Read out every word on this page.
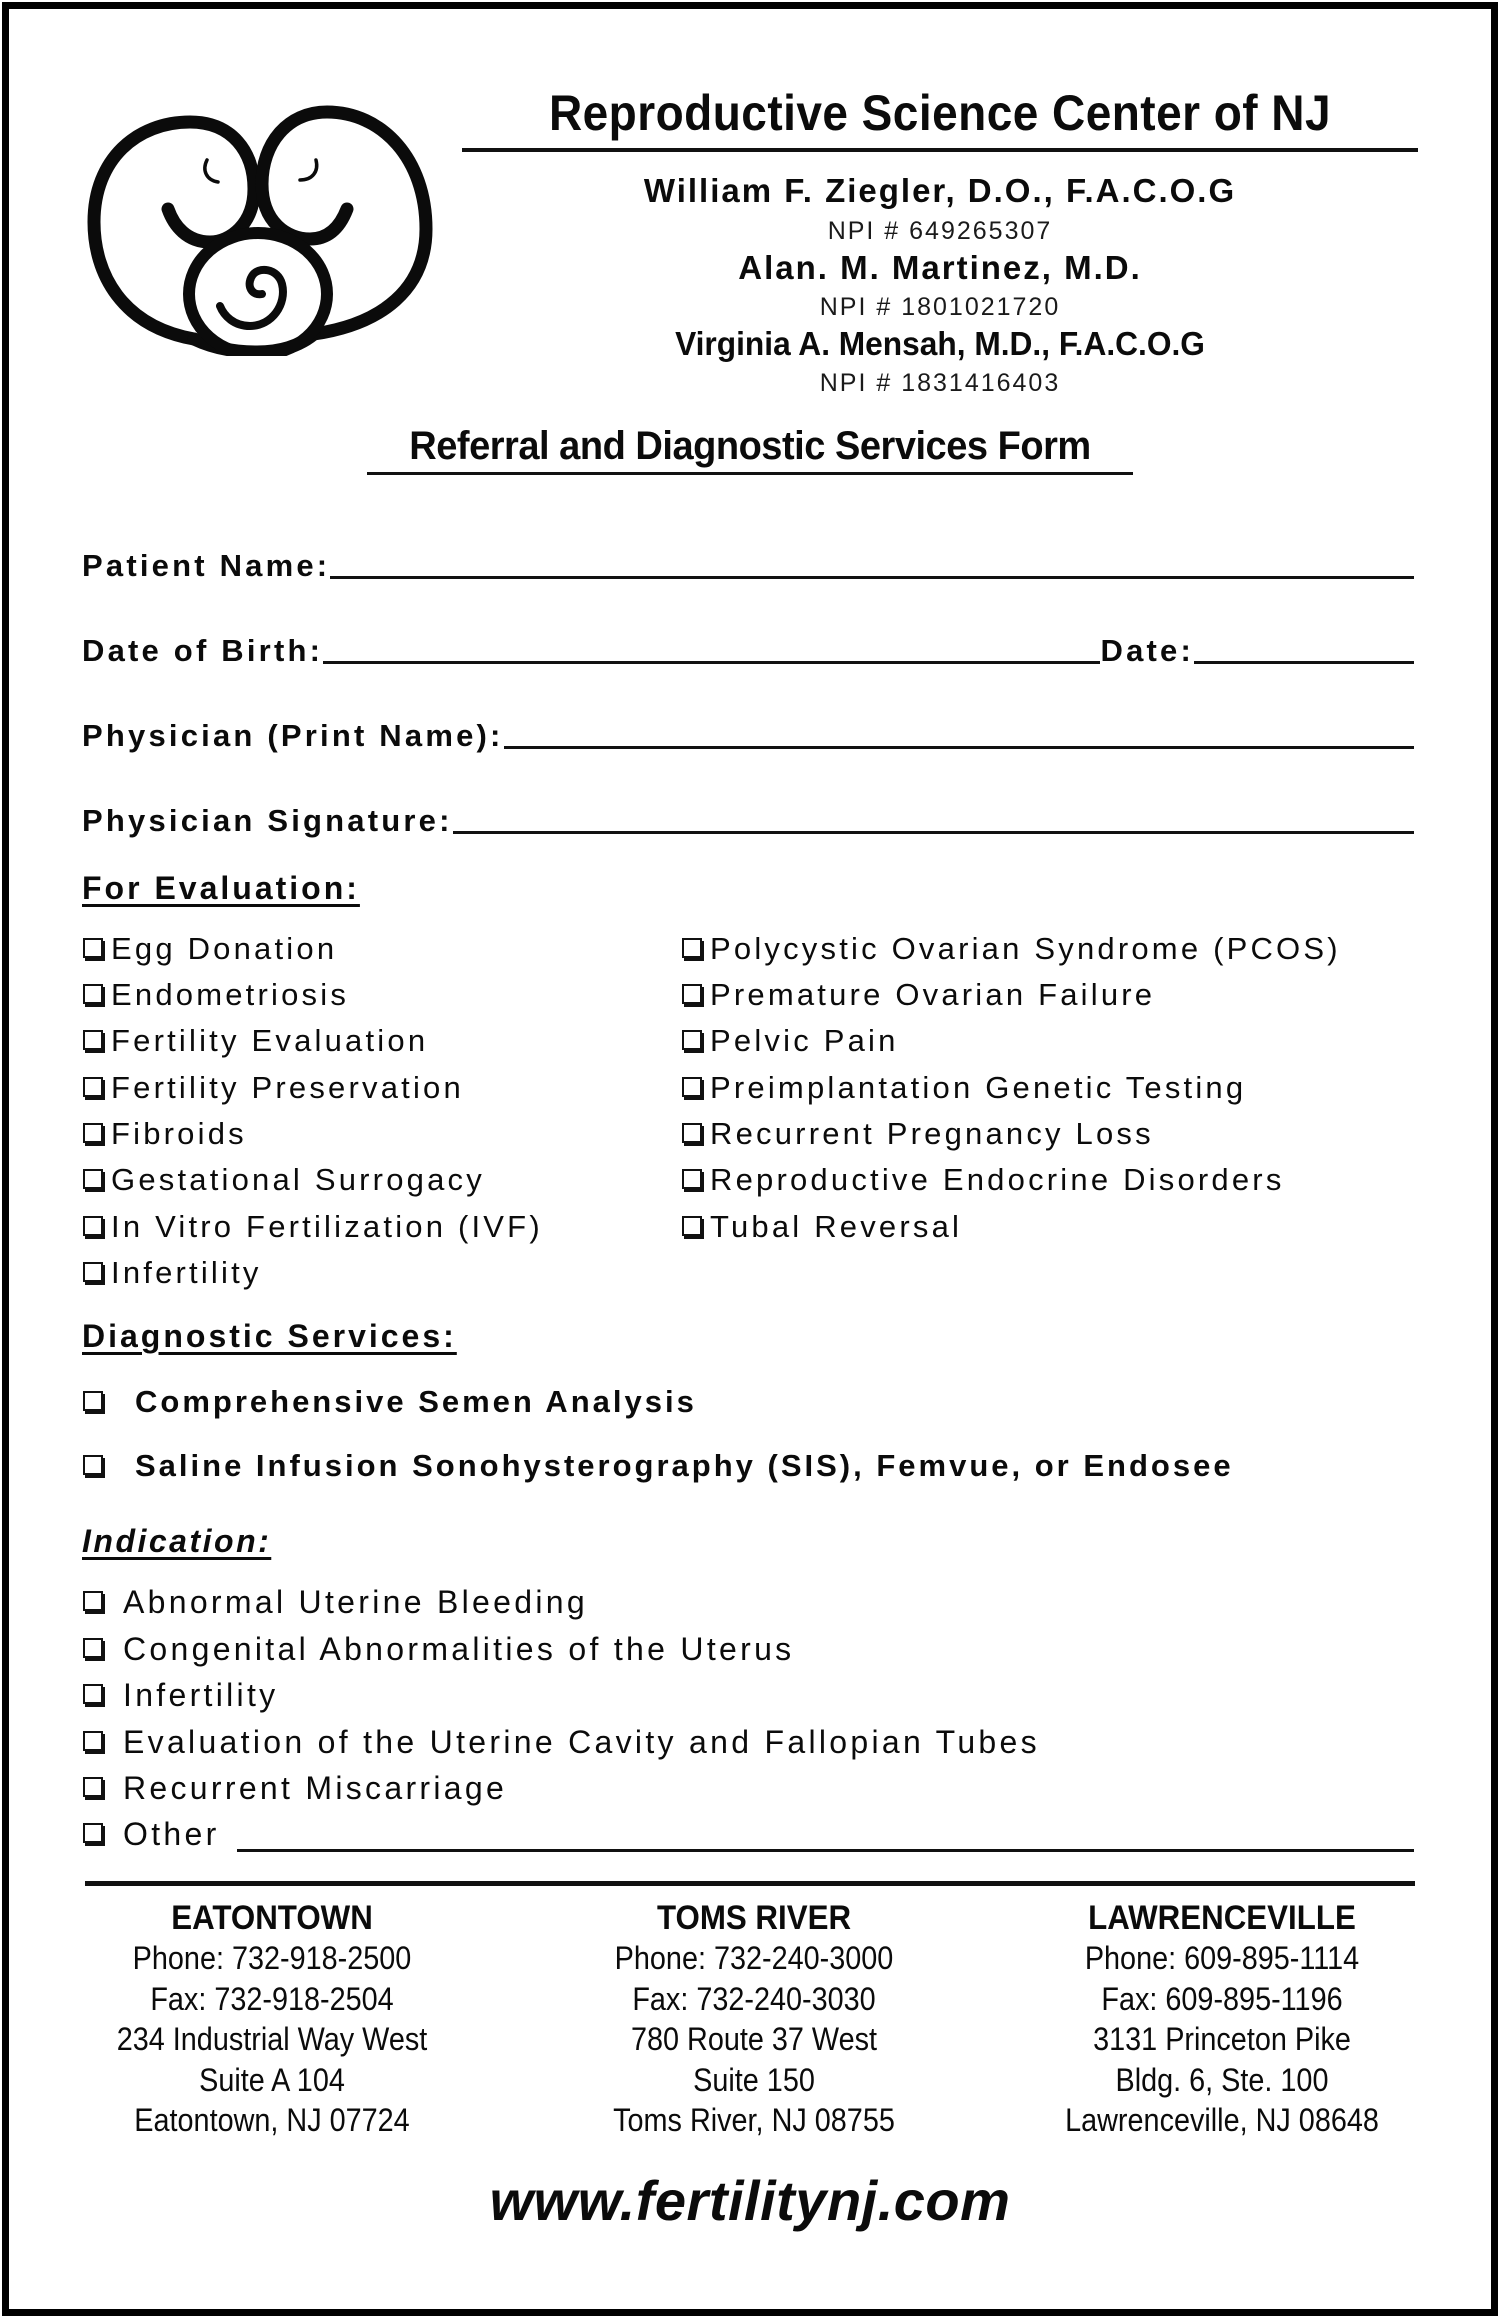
Reproductive Science Center of NJ
William F. Ziegler, D.O., F.A.C.O.G
NPI # 649265307
Alan. M. Martinez, M.D.
NPI # 1801021720
Virginia A. Mensah, M.D., F.A.C.O.G
NPI # 1831416403
Referral and Diagnostic Services Form
Patient Name:
Date of Birth:	Date:
Physician (Print Name):
Physician Signature:
For Evaluation:
Egg Donation
Endometriosis
Fertility Evaluation
Fertility Preservation
Fibroids
Gestational Surrogacy
In Vitro Fertilization (IVF)
Infertility
Polycystic Ovarian Syndrome (PCOS)
Premature Ovarian Failure
Pelvic Pain
Preimplantation Genetic Testing
Recurrent Pregnancy Loss
Reproductive Endocrine Disorders
Tubal Reversal
Diagnostic Services:
Comprehensive Semen Analysis
Saline Infusion Sonohysterography (SIS), Femvue, or Endosee
Indication:
Abnormal Uterine Bleeding
Congenital Abnormalities of the Uterus
Infertility
Evaluation of the Uterine Cavity and Fallopian Tubes
Recurrent Miscarriage
Other
EATONTOWN
Phone: 732-918-2500
Fax: 732-918-2504
234 Industrial Way West
Suite A 104
Eatontown, NJ 07724
TOMS RIVER
Phone: 732-240-3000
Fax: 732-240-3030
780 Route 37 West
Suite 150
Toms River, NJ 08755
LAWRENCEVILLE
Phone: 609-895-1114
Fax: 609-895-1196
3131 Princeton Pike
Bldg. 6, Ste. 100
Lawrenceville, NJ 08648
www.fertilitynj.com
